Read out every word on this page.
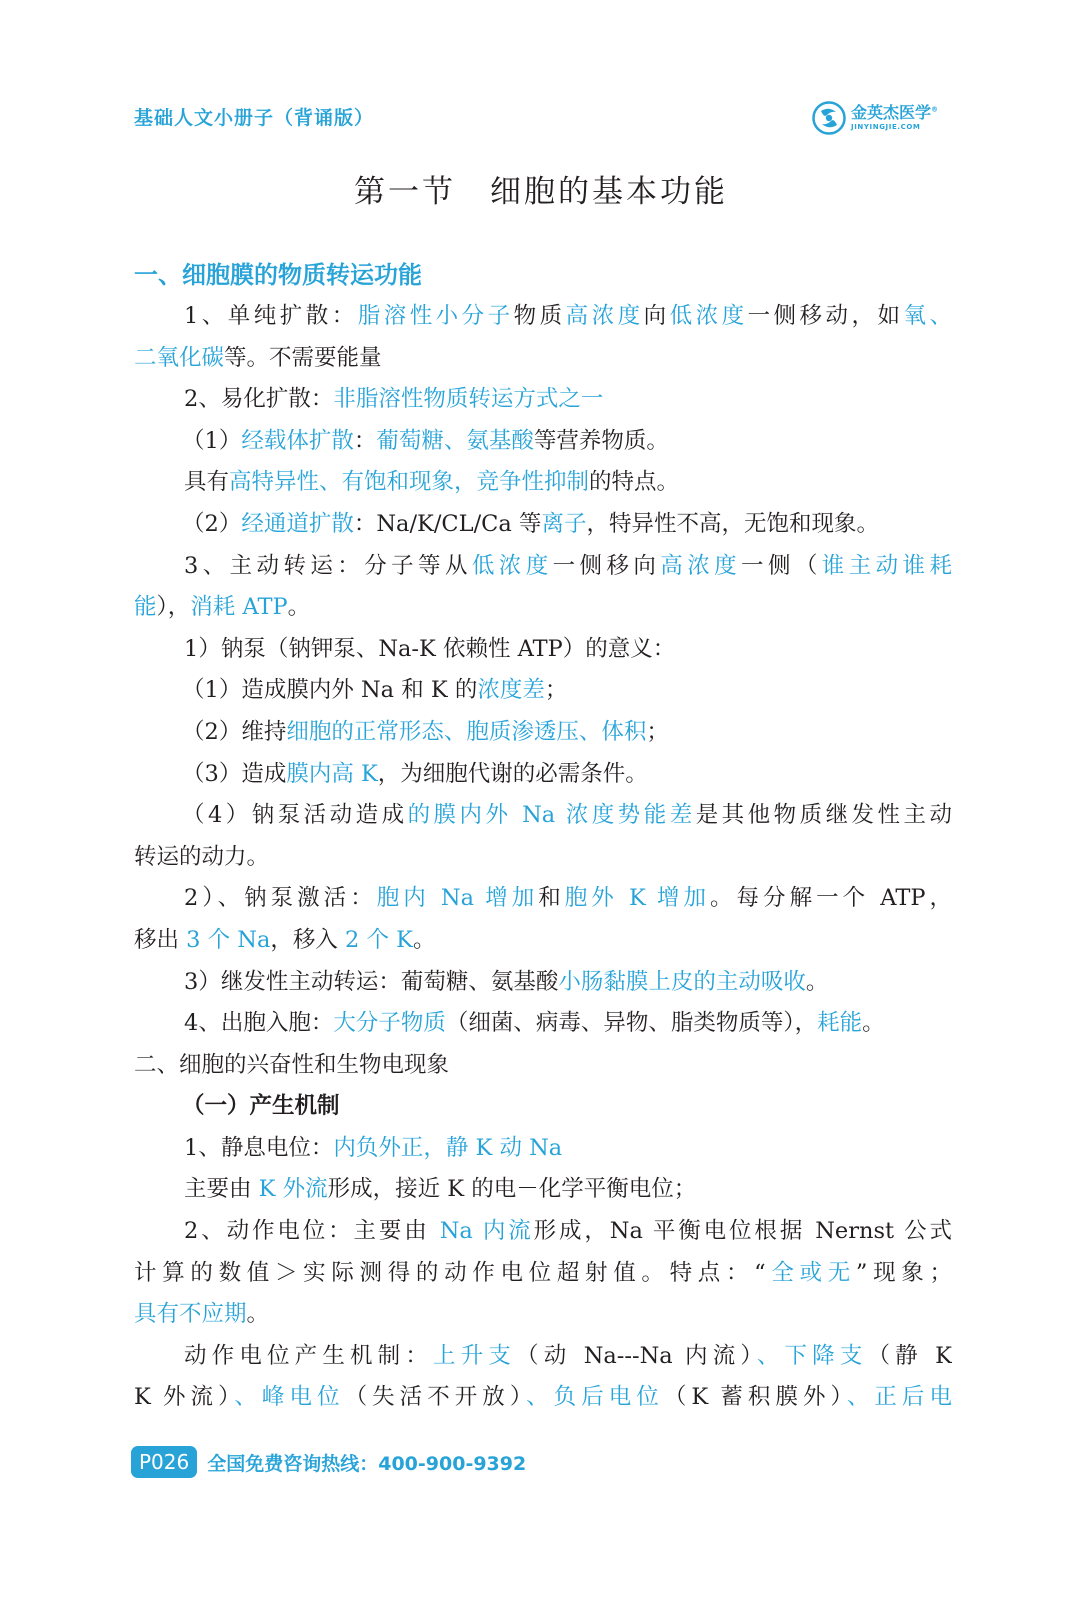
基础人文小册子（背诵版）	金英杰医学®
JINYINGJIE.COM
第一节　细胞的基本功能
一、细胞膜的物质转运功能

1、单纯扩散：脂溶性小分子物质高浓度向低浓度一侧移动，如氧、

二氧化碳等。不需要能量

2、易化扩散：非脂溶性物质转运方式之一

（1）经载体扩散：葡萄糖、氨基酸等营养物质。

具有高特异性、有饱和现象，竞争性抑制的特点。

（2）经通道扩散：Na/K/CL/Ca 等离子，特异性不高，无饱和现象。

3、主动转运：分子等从低浓度一侧移向高浓度一侧（谁主动谁耗

能），消耗 ATP。

1）钠泵（钠钾泵、Na-K 依赖性 ATP）的意义：

（1）造成膜内外 Na 和 K 的浓度差；

（2）维持细胞的正常形态、胞质渗透压、体积；

（3）造成膜内高 K，为细胞代谢的必需条件。

（4）钠泵活动造成的膜内外 Na 浓度势能差是其他物质继发性主动

转运的动力。

2）、钠泵激活：胞内 Na 增加和胞外 K 增加。每分解一个 ATP，

移出 3 个 Na，移入 2 个 K。

3）继发性主动转运：葡萄糖、氨基酸小肠黏膜上皮的主动吸收。

4、出胞入胞：大分子物质（细菌、病毒、异物、脂类物质等），耗能。

二、细胞的兴奋性和生物电现象

（一）产生机制

1、静息电位：内负外正，静 K 动 Na

主要由 K 外流形成，接近 K 的电－化学平衡电位；

2、动作电位：主要由 Na 内流形成，Na 平衡电位根据 Nernst 公式

计算的数值＞实际测得的动作电位超射值。特点：“全或无”现象；

具有不应期。

动作电位产生机制：上升支（动 Na---Na 内流）、下降支（静 K

K 外流）、峰电位（失活不开放）、负后电位（K 蓄积膜外）、正后电

P026 全国免费咨询热线：400-900-9392
